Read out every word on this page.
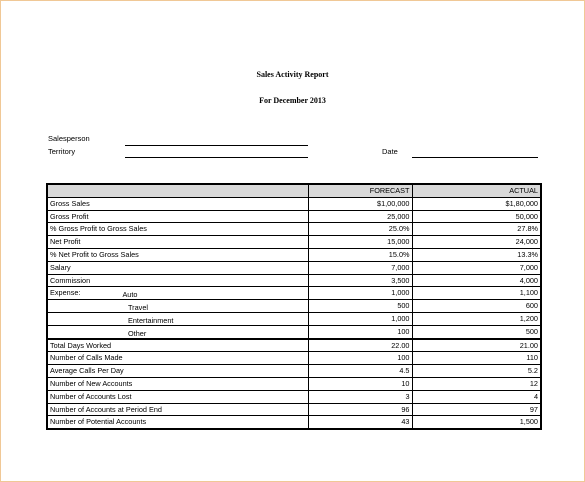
Sales Activity Report
For December 2013
Salesperson
Territory	Date
	FORECAST	ACTUAL
Gross Sales	$1,00,000	$1,80,000
Gross Profit	25,000	50,000
% Gross Profit to Gross Sales	25.0%	27.8%
Net Profit	15,000	24,000
% Net Profit to Gross Sales	15.0%	13.3%
Salary	7,000	7,000
Commission	3,500	4,000
Expense: Auto	1,000	1,100

Travel	500	600

Entertainment	1,000	1,200

Other	100	500
Total Days Worked	22.00	21.00
Number of Calls Made	100	110
Average Calls Per Day	4.5	5.2
Number of New Accounts	10	12
Number of Accounts Lost	3	4
Number of Accounts at Period End	96	97
Number of Potential Accounts	43	1,500
